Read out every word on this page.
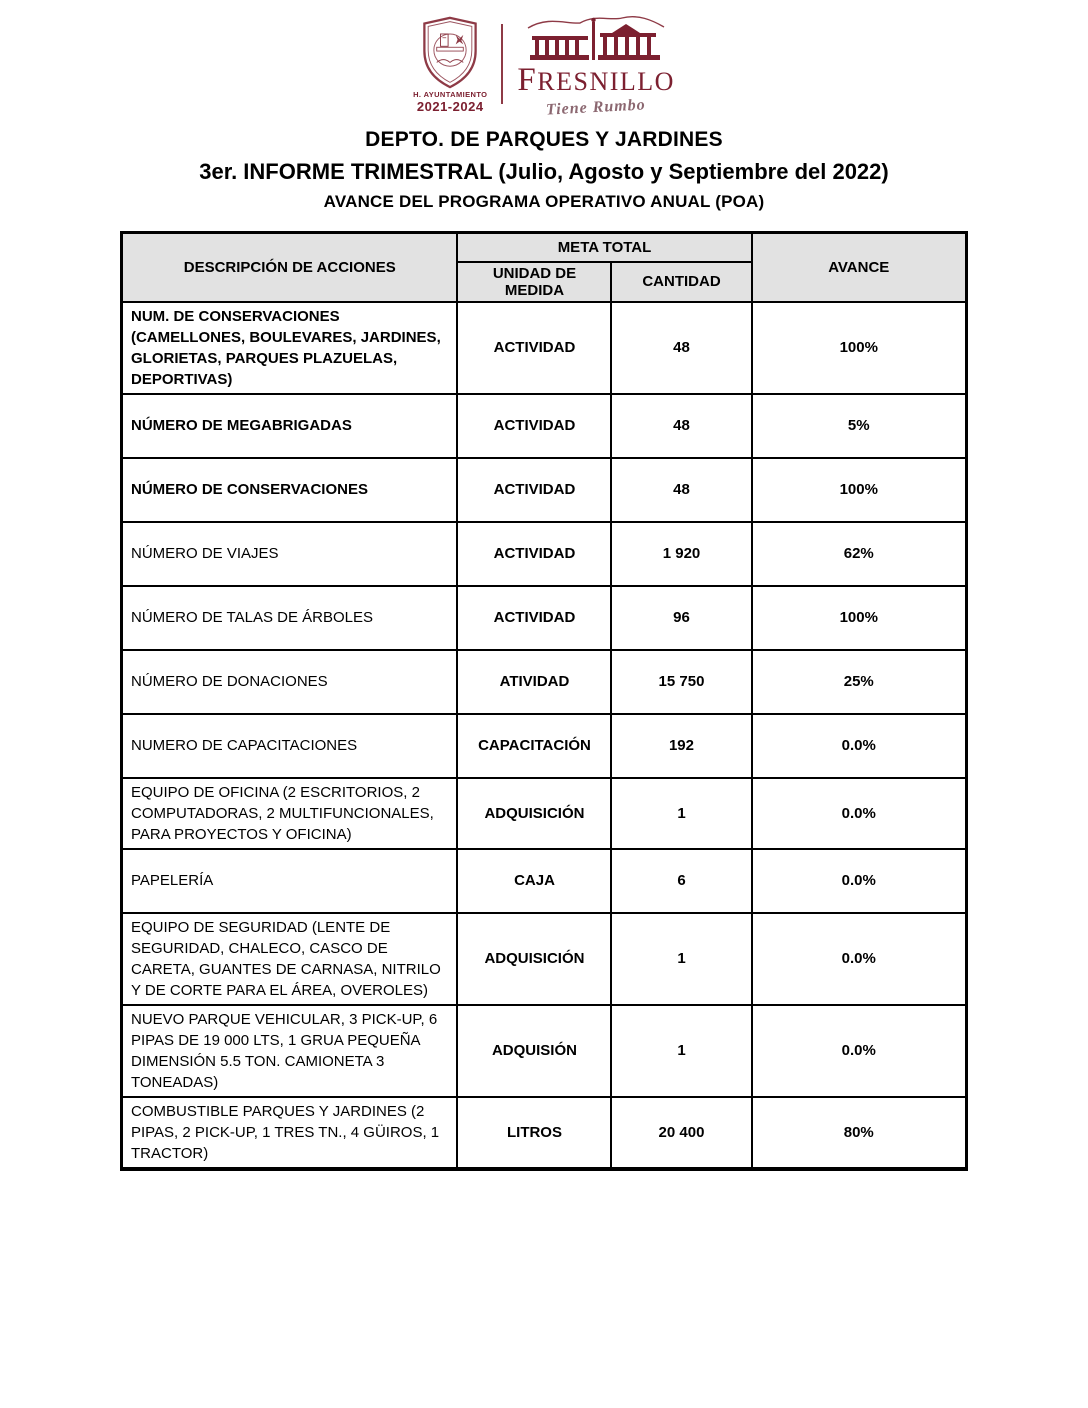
H. AYUNTAMIENTO
2021-2024
FRESNILLO
Tiene Rumbo
DEPTO. DE PARQUES Y JARDINES
3er. INFORME TRIMESTRAL (Julio, Agosto y Septiembre del 2022)
AVANCE DEL PROGRAMA OPERATIVO ANUAL (POA)
DESCRIPCIÓN DE ACCIONES	META TOTAL		AVANCE
	UNIDAD DE MEDIDA	CANTIDAD	
NUM. DE CONSERVACIONES (CAMELLONES, BOULEVARES, JARDINES, GLORIETAS, PARQUES PLAZUELAS, DEPORTIVAS)	ACTIVIDAD	48	100%
NÚMERO DE MEGABRIGADAS	ACTIVIDAD	48	5%
NÚMERO DE CONSERVACIONES	ACTIVIDAD	48	100%
NÚMERO DE VIAJES	ACTIVIDAD	1 920	62%
NÚMERO DE TALAS DE ÁRBOLES	ACTIVIDAD	96	100%
NÚMERO DE DONACIONES	ATIVIDAD	15 750	25%
NUMERO DE CAPACITACIONES	CAPACITACIÓN	192	0.0%
EQUIPO DE OFICINA (2 ESCRITORIOS, 2 COMPUTADORAS, 2 MULTIFUNCIONALES, PARA PROYECTOS Y OFICINA)	ADQUISICIÓN	1	0.0%
PAPELERÍA	CAJA	6	0.0%
EQUIPO DE SEGURIDAD (LENTE DE SEGURIDAD, CHALECO, CASCO DE CARETA, GUANTES DE CARNASA, NITRILO Y DE CORTE PARA EL ÁREA, OVEROLES)	ADQUISICIÓN	1	0.0%
NUEVO PARQUE VEHICULAR, 3 PICK-UP, 6 PIPAS DE 19 000 LTS, 1 GRUA PEQUEÑA DIMENSIÓN 5.5 TON. CAMIONETA 3 TONEADAS)	ADQUISIÓN	1	0.0%
COMBUSTIBLE PARQUES Y JARDINES (2 PIPAS, 2 PICK-UP, 1 TRES TN., 4 GÜIROS, 1 TRACTOR)	LITROS	20 400	80%
